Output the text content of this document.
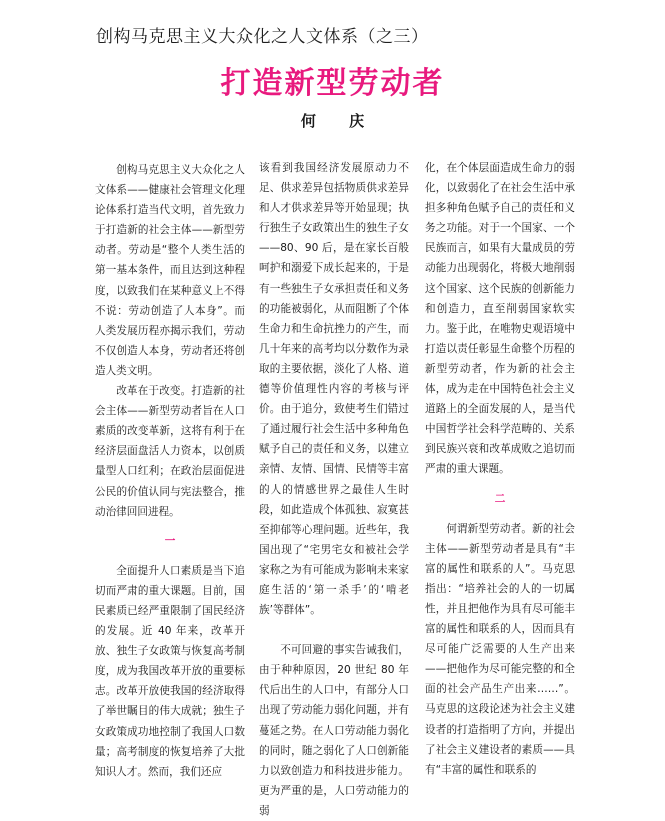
创构马克思主义大众化之人文体系（之三）
打造新型劳动者
何 庆

创构马克思主义大众化之人文体系——健康社会管理文化理论体系打造当代文明，首先致力于打造新的社会主体——新型劳动者。劳动是“整个人类生活的第一基本条件，而且达到这种程度，以致我们在某种意义上不得不说：劳动创造了人本身”。而人类发展历程亦揭示我们，劳动不仅创造人本身，劳动者还将创造人类文明。

改革在于改变。打造新的社会主体——新型劳动者旨在人口素质的改变革新，这将有利于在经济层面盘活人力资本，以创质量型人口红利；在政治层面促进公民的价值认同与宪法整合，推动治律回回进程。

一

全面提升人口素质是当下追切而严肃的重大课题。目前，国民素质已经严重限制了国民经济的发展。近 40 年来，改革开放、独生子女政策与恢复高考制度，成为我国改革开放的重要标志。改革开放使我国的经济取得了举世瞩目的伟大成就；独生子女政策成功地控制了我国人口数量；高考制度的恢复培养了大批知识人才。然而，我们还应

该看到我国经济发展原动力不足、供求差异包括物质供求差异和人才供求差异等开始显现；执行独生子女政策出生的独生子女——80、90 后，是在家长百般呵护和溺爱下成长起来的，于是有一些独生子女承担责任和义务的功能被弱化，从而阻断了个体生命力和生命抗挫力的产生，而几十年来的高考均以分数作为录取的主要依据，淡化了人格、道德等价值理性内容的考核与评价。由于追分，致使考生们错过了通过履行社会生活中多种角色赋予自己的责任和义务，以建立亲情、友情、国情、民情等丰富的人的情感世界之最佳人生时段，如此造成个体孤独、寂寞甚至抑郁等心理问题。近些年，我国出现了“宅男宅女和被社会学家称之为有可能成为影响未来家庭生活的‘第一杀手’的‘啃老族’等群体”。

不可回避的事实告诫我们，由于种种原因，20 世纪 80 年代后出生的人口中，有部分人口出现了劳动能力弱化问题，并有蔓延之势。在人口劳动能力弱化的同时，随之弱化了人口创新能力以致创造力和科技进步能力。更为严重的是，人口劳动能力的弱

化，在个体层面造成生命力的弱化，以致弱化了在社会生活中承担多种角色赋予自己的责任和义务之功能。对于一个国家、一个民族而言，如果有大量成员的劳动能力出现弱化，将极大地削弱这个国家、这个民族的创新能力和创造力，直至削弱国家软实力。鉴于此，在唯物史观语境中打造以责任彰显生命整个历程的新型劳动者，作为新的社会主体，成为走在中国特色社会主义道路上的全面发展的人，是当代中国哲学社会科学范畴的、关系到民族兴衰和改革成败之追切而严肃的重大课题。

二

何谓新型劳动者。新的社会主体——新型劳动者是具有“丰富的属性和联系的人”。马克思指出：“培养社会的人的一切属性，并且把他作为具有尽可能丰富的属性和联系的人，因而具有尽可能广泛需要的人生产出来——把他作为尽可能完整的和全面的社会产品生产出来……”。马克思的这段论述为社会主义建设者的打造指明了方向，并提出了社会主义建设者的素质——具有“丰富的属性和联系的
